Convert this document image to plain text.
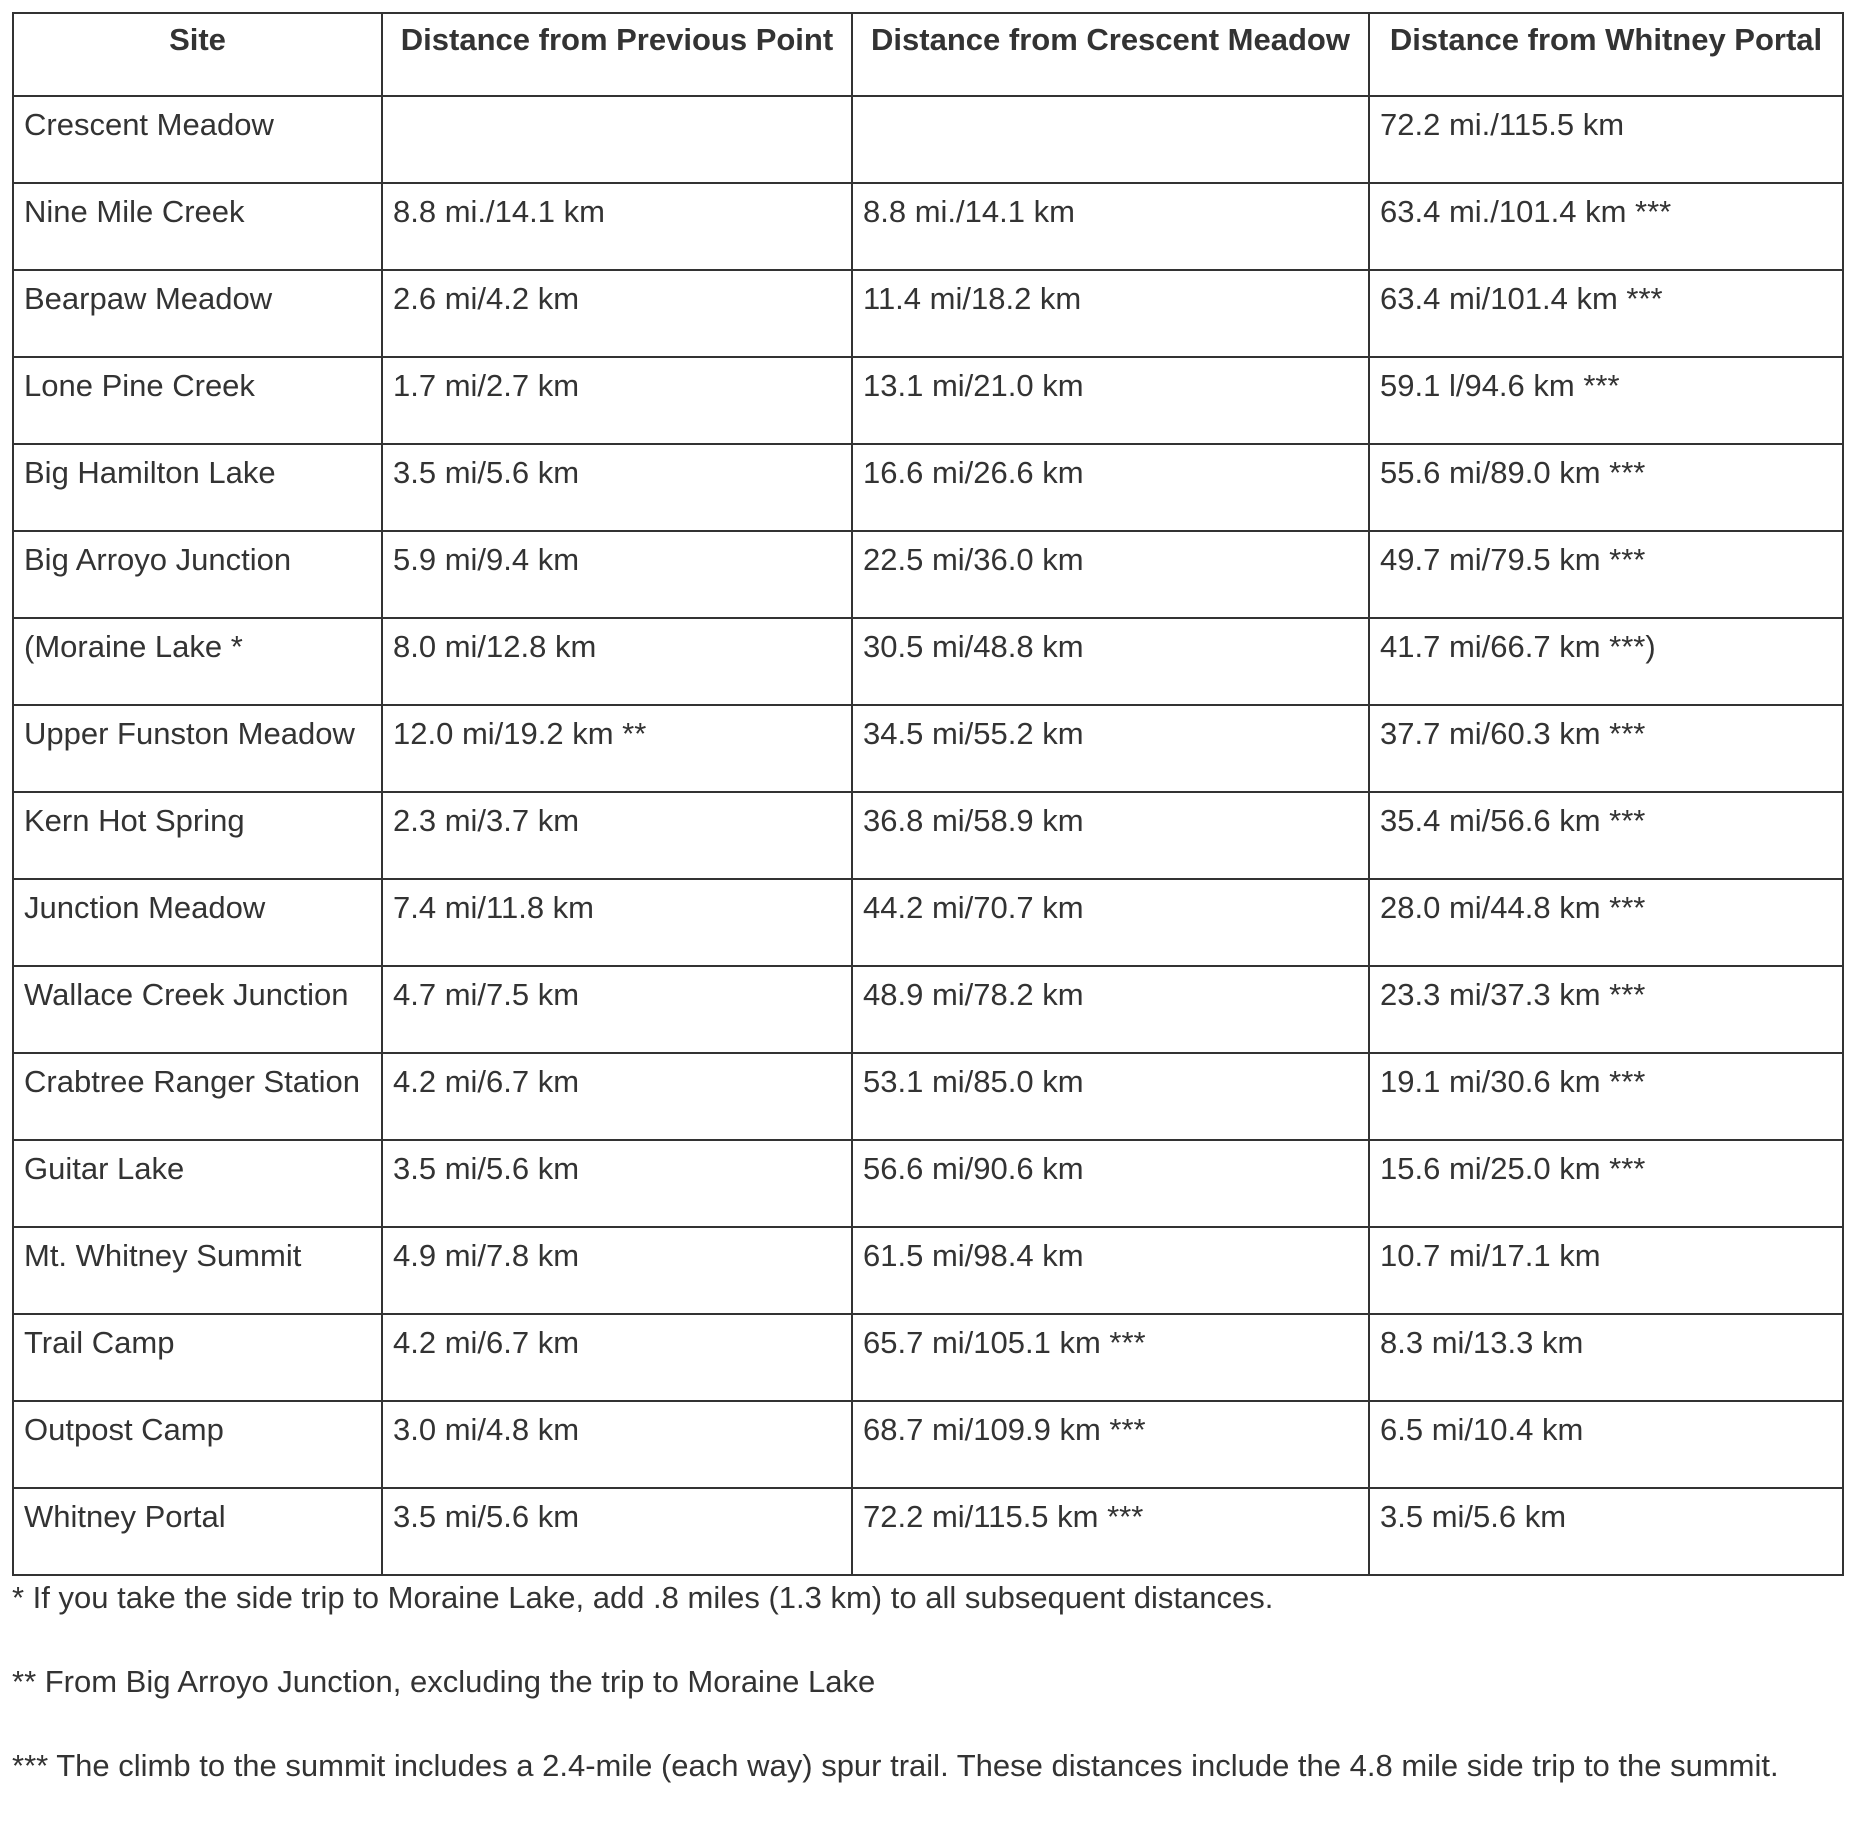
Site	Distance from Previous Point	Distance from Crescent Meadow	Distance from Whitney Portal
Crescent Meadow			72.2 mi./115.5 km
Nine Mile Creek	8.8 mi./14.1 km	8.8 mi./14.1 km	63.4 mi./101.4 km ***
Bearpaw Meadow	2.6 mi/4.2 km	11.4 mi/18.2 km	63.4 mi/101.4 km ***
Lone Pine Creek	1.7 mi/2.7 km	13.1 mi/21.0 km	59.1 l/94.6 km ***
Big Hamilton Lake	3.5 mi/5.6 km	16.6 mi/26.6 km	55.6 mi/89.0 km ***
Big Arroyo Junction	5.9 mi/9.4 km	22.5 mi/36.0 km	49.7 mi/79.5 km ***
(Moraine Lake *	8.0 mi/12.8 km	30.5 mi/48.8 km	41.7 mi/66.7 km ***)
Upper Funston Meadow	12.0 mi/19.2 km **	34.5 mi/55.2 km	37.7 mi/60.3 km ***
Kern Hot Spring	2.3 mi/3.7 km	36.8 mi/58.9 km	35.4 mi/56.6 km ***
Junction Meadow	7.4 mi/11.8 km	44.2 mi/70.7 km	28.0 mi/44.8 km ***
Wallace Creek Junction	4.7 mi/7.5 km	48.9 mi/78.2 km	23.3 mi/37.3 km ***
Crabtree Ranger Station	4.2 mi/6.7 km	53.1 mi/85.0 km	19.1 mi/30.6 km ***
Guitar Lake	3.5 mi/5.6 km	56.6 mi/90.6 km	15.6 mi/25.0 km ***
Mt. Whitney Summit	4.9 mi/7.8 km	61.5 mi/98.4 km	10.7 mi/17.1 km
Trail Camp	4.2 mi/6.7 km	65.7 mi/105.1 km ***	8.3 mi/13.3 km
Outpost Camp	3.0 mi/4.8 km	68.7 mi/109.9 km ***	6.5 mi/10.4 km
Whitney Portal	3.5 mi/5.6 km	72.2 mi/115.5 km ***	3.5 mi/5.6 km

* If you take the side trip to Moraine Lake, add .8 miles (1.3 km) to all subsequent distances.

** From Big Arroyo Junction, excluding the trip to Moraine Lake

*** The climb to the summit includes a 2.4-mile (each way) spur trail. These distances include the 4.8 mile side trip to the summit.
